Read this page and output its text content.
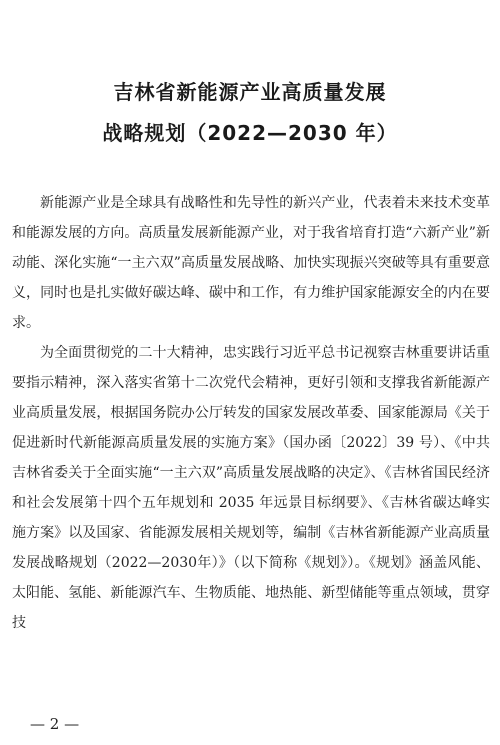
吉林省新能源产业高质量发展
战略规划（2022—2030 年）

新能源产业是全球具有战略性和先导性的新兴产业，代表着未来技术变革和能源发展的方向。高质量发展新能源产业，对于我省培育打造“六新产业”新动能、深化实施“一主六双”高质量发展战略、加快实现振兴突破等具有重要意义，同时也是扎实做好碳达峰、碳中和工作，有力维护国家能源安全的内在要求。

为全面贯彻党的二十大精神，忠实践行习近平总书记视察吉林重要讲话重要指示精神，深入落实省第十二次党代会精神，更好引领和支撑我省新能源产业高质量发展，根据国务院办公厅转发的国家发展改革委、国家能源局《关于促进新时代新能源高质量发展的实施方案》（国办函〔2022〕39 号）、《中共吉林省委关于全面实施“一主六双”高质量发展战略的决定》、《吉林省国民经济和社会发展第十四个五年规划和 2035 年远景目标纲要》、《吉林省碳达峰实施方案》以及国家、省能源发展相关规划等，编制《吉林省新能源产业高质量发展战略规划（2022—2030年）》（以下简称《规划》）。《规划》涵盖风能、太阳能、氢能、新能源汽车、生物质能、地热能、新型储能等重点领域，贯穿技

— 2 —
